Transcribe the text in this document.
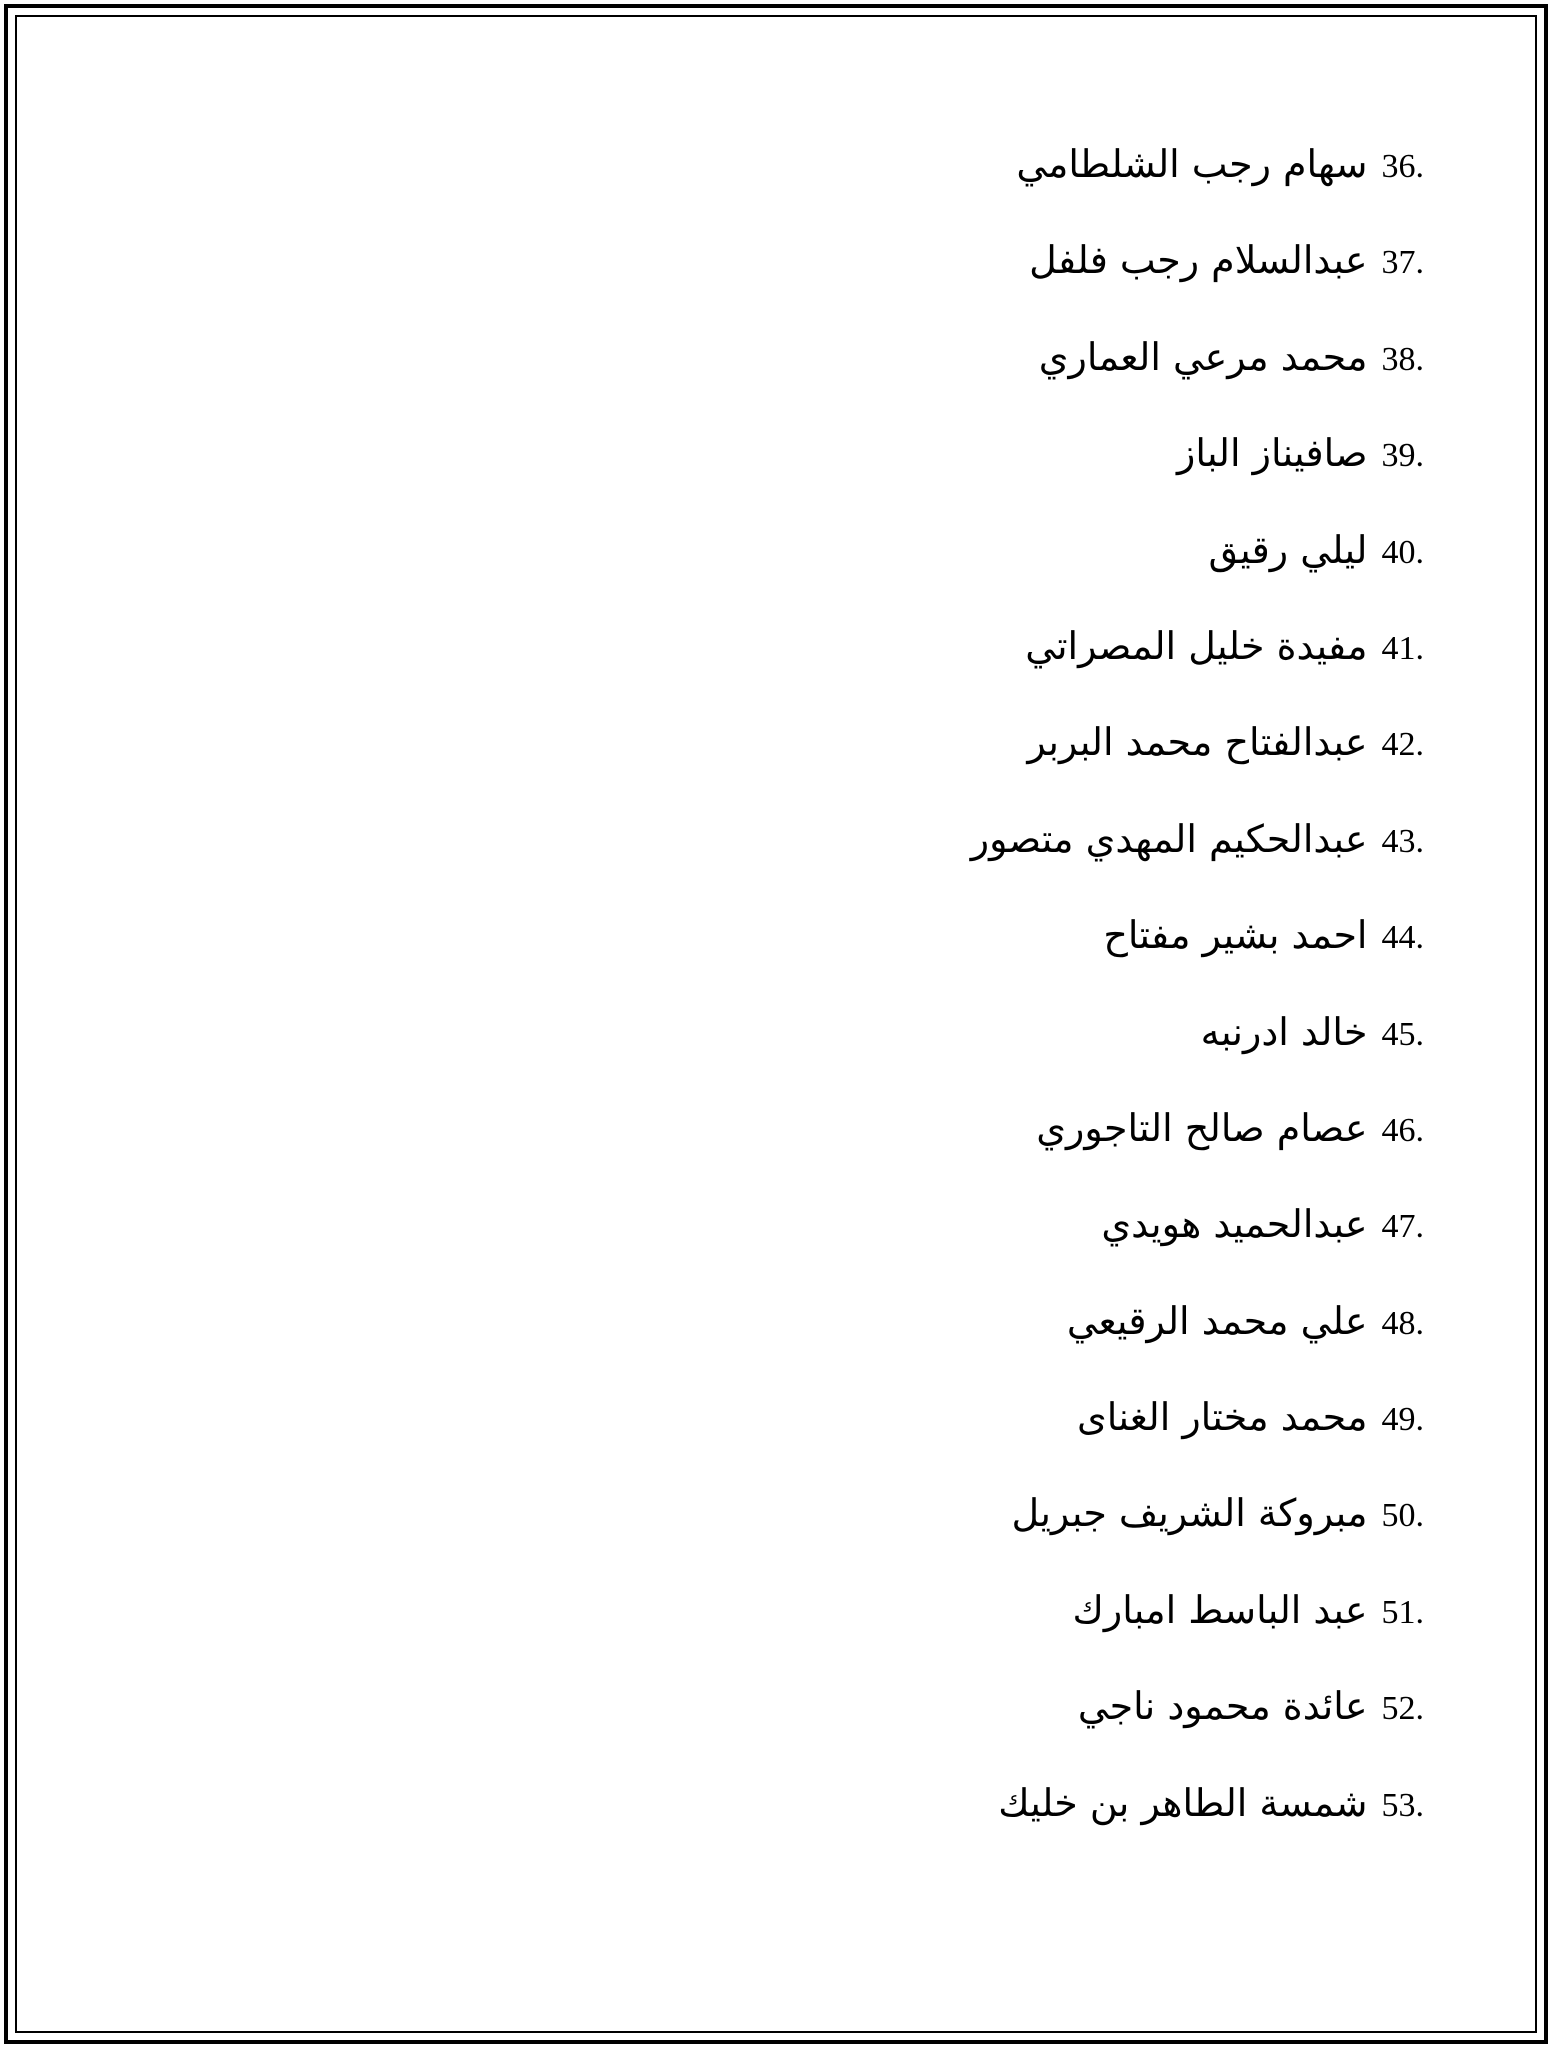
36.سهام رجب الشلطامي
37.عبدالسلام رجب فلفل
38.محمد مرعي العماري
39.صافيناز الباز
40.ليلي رقيق
41.مفيدة خليل المصراتي
42.عبدالفتاح محمد البربر
43.عبدالحكيم المهدي متصور
44.احمد بشير مفتاح
45.خالد ادرنبه
46.عصام صالح التاجوري
47.عبدالحميد هويدي
48.علي محمد الرقيعي
49.محمد مختار الغناى
50.مبروكة الشريف جبريل
51.عبد الباسط امبارك
52.عائدة محمود ناجي
53.شمسة الطاهر بن خليك
